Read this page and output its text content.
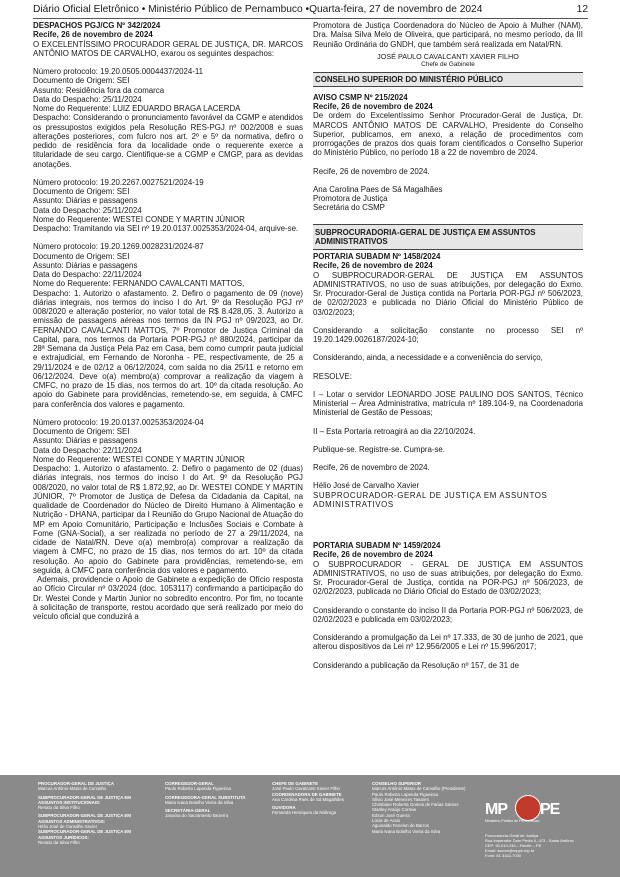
Diário Oficial Eletrônico • Ministério Público de Pernambuco •Quarta-feira, 27 de novembro de 2024	12

DESPACHOS PGJ/CG Nº 342/2024

Recife, 26 de novembro de 2024

O EXCELENTÍSSIMO PROCURADOR GERAL DE JUSTIÇA, DR. MARCOS ANTÔNIO MATOS DE CARVALHO, exarou os seguintes despachos:

Número protocolo: 19.20.0505.0004437/2024-11

Documento de Origem: SEI

Assunto: Residência fora da comarca

Data do Despacho: 25/11/2024

Nome do Requerente: LUIZ EDUARDO BRAGA LACERDA

Despacho: Considerando o pronunciamento favorável da CGMP e atendidos os pressupostos exigidos pela Resolução RES-PGJ nº 002/2008 e suas alterações posteriores, com fulcro nos art. 2º e 5º da normativa, defiro o pedido de residência fora da localidade onde o requerente exerce a titularidade de seu cargo. Cientifique-se a CGMP e CMGP, para as devidas anotações.

Número protocolo: 19.20.2267.0027521/2024-19

Documento de Origem: SEI

Assunto: Diárias e passagens

Data do Despacho: 25/11/2024

Nome do Requerente: WESTEI CONDE Y MARTIN JÚNIOR

Despacho: Tramitando via SEI nº 19.20.0137.0025353/2024-04, arquive-se.

Número protocolo: 19.20.1269.0028231/2024-87

Documento de Origem: SEI

Assunto: Diárias e passagens

Data do Despacho: 22/11/2024

Nome do Requerente: FERNANDO CAVALCANTI MATTOS,

Despacho: 1. Autorizo o afastamento. 2. Defiro o pagamento de 09 (nove) diárias integrais, nos termos do inciso I do Art. 9º da Resolução PGJ nº 008/2020 e alteração posterior, no valor total de R$ 8.428,05. 3. Autorizo a emissão de passagens aéreas nos termos da IN PGJ nº 09/2023, ao Dr. FERNANDO CAVALCANTI MATTOS, 7º Promotor de Justiça Criminal da Capital, para, nos termos da Portaria POR-PGJ nº 880/2024, participar da 28ª Semana da Justiça Pela Paz em Casa, bem como cumprir pauta judicial e extrajudicial, em Fernando de Noronha - PE, respectivamente, de 25 a 29/11/2024 e de 02/12 a 06/12/2024, com saída no dia 25/11 e retorno em 06/12/2024. Deve o(a) membro(a) comprovar a realização da viagem à CMFC, no prazo de 15 dias, nos termos do art. 10º da citada resolução. Ao apoio do Gabinete para providências, remetendo-se, em seguida, à CMFC para conferência dos valores e pagamento.

Número protocolo: 19.20.0137.0025353/2024-04

Documento de Origem: SEI

Assunto: Diárias e passagens

Data do Despacho: 22/11/2024

Nome do Requerente: WESTEI CONDE Y MARTIN JÚNIOR

Despacho: 1. Autorizo o afastamento. 2. Defiro o pagamento de 02 (duas) diárias integrais, nos termos do inciso I do Art. 9º da Resolução PGJ 008/2020, no valor total de R$ 1.872,92, ao Dr. WESTEI CONDE Y MARTIN JÚNIOR, 7º Promotor de Justiça de Defesa da Cidadania da Capital, na qualidade de Coordenador do Núcleo de Direito Humano à Alimentação e Nutrição - DHANA, participar da I Reunião do Grupo Nacional de Atuação do MP em Apoio Comunitário, Participação e Inclusões Sociais e Combate à Fome (GNA-Social), a ser realizada no período de 27 a 29/11/2024, na cidade de Natal/RN. Deve o(a) membro(a) comprovar a realização da viagem à CMFC, no prazo de 15 dias, nos termos do art. 10º da citada resolução. Ao apoio do Gabinete para providências, remetendo-se, em seguida, à CMFC para conferência dos valores e pagamento.

Ademais, providencie o Apoio de Gabinete a expedição de Ofício resposta ao Ofício Circular nº 03/2024 (doc. 1053117) confirmando a participação do Dr. Westei Conde y Martin Junior no sobredito encontro. Por fim, no tocante à solicitação de transporte, restou acordado que será realizado por meio do veículo oficial que conduzirá a

Promotora de Justiça Coordenadora do Núcleo de Apoio à Mulher (NAM), Dra. Maísa Silva Melo de Oliveira, que participará, no mesmo período, da III Reunião Ordinária do GNDH, que também será realizada em Natal/RN.

JOSÉ PAULO CAVALCANTI XAVIER FILHO

Chefe de Gabinete

CONSELHO SUPERIOR DO MINISTÉRIO PÚBLICO

AVISO CSMP Nº 215/2024

Recife, 26 de novembro de 2024

De ordem do Excelentíssimo Senhor Procurador-Geral de Justiça, Dr. MARCOS ANTÔNIO MATOS DE CARVALHO, Presidente do Conselho Superior, publicamos, em anexo, a relação de procedimentos com prorrogações de prazos dos quais foram cientificados o Conselho Superior do Ministério Público, no período 18 a 22 de novembro de 2024.

Recife, 26 de novembro de 2024.

Ana Carolina Paes de Sá Magalhães

Promotora de Justiça

Secretária do CSMP

SUBPROCURADORIA-GERAL DE JUSTIÇA EM ASSUNTOS ADMINISTRATIVOS

PORTARIA SUBADM Nº 1458/2024

Recife, 26 de novembro de 2024

O SUBPROCURADOR-GERAL DE JUSTIÇA EM ASSUNTOS ADMINISTRATIVOS, no uso de suas atribuições, por delegação do Exmo. Sr. Procurador-Geral de Justiça contida na Portaria POR-PGJ nº 506/2023, de 02/02/2023 e publicada no Diário Oficial do Ministério Público de 03/02/2023;

Considerando a solicitação constante no processo SEI nº 19.20.1429.0026187/2024-10;

Considerando, ainda, a necessidade e a conveniência do serviço,

RESOLVE:

I – Lotar o servidor LEONARDO JOSE PAULINO DOS SANTOS, Técnico Ministerial – Área Administrativa, matrícula nº 189.104-9, na Coordenadoria Ministerial de Gestão de Pessoas;

II – Esta Portaria retroagirá ao dia 22/10/2024.

Publique-se. Registre-se. Cumpra-se.

Recife, 26 de novembro de 2024.

Hélio José de Carvalho Xavier

SUBPROCURADOR-GERAL DE JUSTIÇA EM ASSUNTOS ADMINISTRATIVOS

PORTARIA SUBADM Nº 1459/2024

Recife, 26 de novembro de 2024

O SUBPROCURADOR - GERAL DE JUSTIÇA EM ASSUNTOS ADMINISTRATIVOS, no uso de suas atribuições, por delegação do Exmo. Sr. Procurador-Geral de Justiça, contida na POR-PGJ nº 506/2023, de 02/02/2023, publicada no Diário Oficial do Estado de 03/02/2023;

Considerando o constante do inciso II da Portaria POR-PGJ nº 506/2023, de 02/02/2023 e publicada em 03/02/2023;

Considerando a promulgação da Lei nº 17.333, de 30 de junho de 2021, que alterou dispositivos da Lei nº 12.956/2005 e Lei nº 15.996/2017;

Considerando a publicação da Resolução nº 157, de 31 de

PROCURADOR-GERAL DE JUSTIÇA
Marcos Antônio Matos de Carvalho
SUBPROCURADOR-GERAL DE JUSTIÇA EM ASSUNTOS INSTITUCIONAIS:
Renato da Silva Filho
SUBPROCURADOR-GERAL DE JUSTIÇA EM ASSUNTOS ADMINISTRATIVOS:
Hélio José de Carvalho Xavier
SUBPROCURADOR-GERAL DE JUSTIÇA EM ASSUNTOS JURÍDICOS:
Renato da Silva Filho
CORREGEDOR-GERAL
Paulo Roberto Lapenda Figueiroa
CORREGEDORA-GERAL SUBSTITUTA
Maria Ivana Botelho Vieira da Silva
SECRETÁRIA-GERAL
Janaína do Sacramento Bezerra
CHEFE DE GABINETE
José Paulo Cavalcanti Xavier Filho
COORDENADORA DE GABINETE
Ana Carolina Paes de Sá Magalhães
OUVIDORA
Fernanda Henriques da Nóbrega
CONSELHO SUPERIOR
Marcos Antônio Matos de Carvalho (Presidente)
Paulo Roberto Lapenda Figueiroa
Sílvio José Menezes Tavares
Christiane Roberta Gomes de Farias Santos
Stanley Araújo Correia
Edson José Guerra
Lúcia de Assis
Aguinaldo Fenelon de Barros
Maria Ivana Botelho Vieira da Silva
MP PE
Ministério Público de Pernambuco
Procuradoria-Geral de Justiça
Rua Imperador Dom Pedro II, 473 - Santo Antônio
CEP: 50.010-240 – Recife – PE
Email: ascom@mppe.mp.br
Fone: 81 3182-7000
